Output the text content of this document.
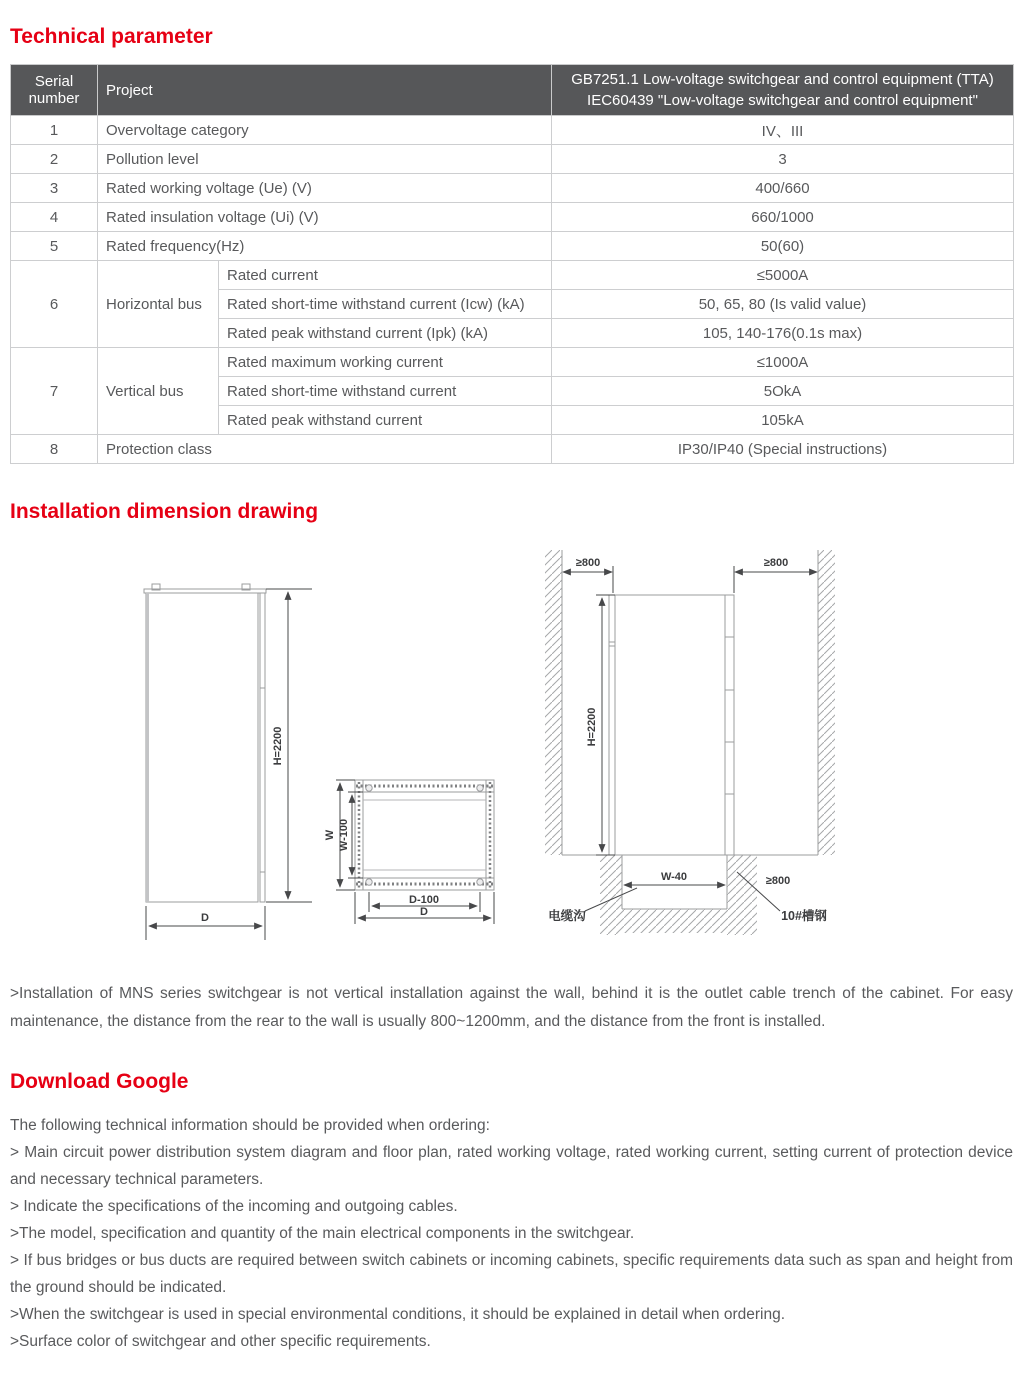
Technical parameter
Serial number	Project		GB7251.1 Low-voltage switchgear and control equipment (TTA)
IEC60439 "Low-voltage switchgear and control equipment"

1	Overvoltage category		IV、III
2	Pollution level		3
3	Rated working voltage (Ue) (V)		400/660
4	Rated insulation voltage (Ui) (V)		660/1000
5	Rated frequency(Hz)		50(60)
6	Horizontal bus	Rated current	≤5000A
		Rated short-time withstand current (Icw) (kA)	50, 65, 80 (Is valid value)
		Rated peak withstand current (Ipk) (kA)	105, 140-176(0.1s max)
7	Vertical bus	Rated maximum working current	≤1000A
		Rated short-time withstand current	5OkA
		Rated peak withstand current	105kA
8	Protection class		IP30/IP40 (Special instructions)
Installation dimension drawing
H=2200
D
W W-100
D-100
D
≥800	≥800
H=2200
W-40	≥800
电缆沟	10#槽钢

>Installation of MNS series switchgear is not vertical installation against the wall, behind it is the outlet cable trench of the cabinet. For easy maintenance, the distance from the rear to the wall is usually 800~1200mm, and the distance from the front is installed.

Download Google

The following technical information should be provided when ordering:

> Main circuit power distribution system diagram and floor plan, rated working voltage, rated working current, setting current of protection device and necessary technical parameters.

> Indicate the specifications of the incoming and outgoing cables.

>The model, specification and quantity of the main electrical components in the switchgear.

> If bus bridges or bus ducts are required between switch cabinets or incoming cabinets, specific requirements data such as span and height from the ground should be indicated.

>When the switchgear is used in special environmental conditions, it should be explained in detail when ordering.

>Surface color of switchgear and other specific requirements.
